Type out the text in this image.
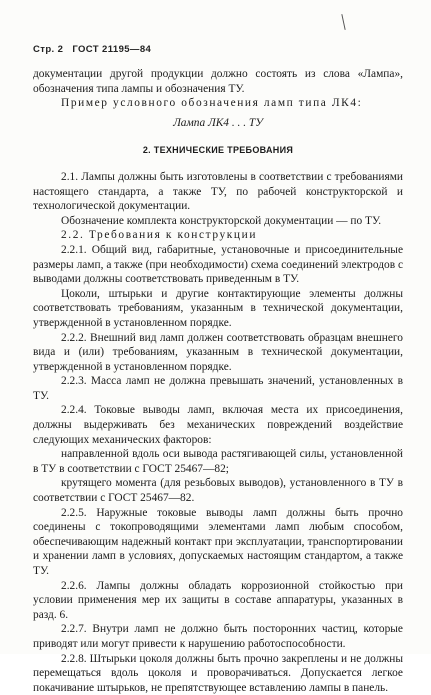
Стр. 2 ГОСТ 21195—84

документации другой продукции должно состоять из слова «Лампа», обозначения типа лампы и обозначения ТУ.

Пример условного обозначения ламп типа ЛК4:

Лампа ЛК4 . . . ТУ

2. ТЕХНИЧЕСКИЕ ТРЕБОВАНИЯ

2.1. Лампы должны быть изготовлены в соответствии с требованиями настоящего стандарта, а также ТУ, по рабочей конструкторской и технологической документации.

Обозначение комплекта конструкторской документации — по ТУ.

2.2. Требования к конструкции

2.2.1. Общий вид, габаритные, установочные и присоединительные размеры ламп, а также (при необходимости) схема соединений электродов с выводами должны соответствовать приведенным в ТУ.

Цоколи, штырьки и другие контактирующие элементы должны соответствовать требованиям, указанным в технической документации, утвержденной в установленном порядке.

2.2.2. Внешний вид ламп должен соответствовать образцам внешнего вида и (или) требованиям, указанным в технической документации, утвержденной в установленном порядке.

2.2.3. Масса ламп не должна превышать значений, установленных в ТУ.

2.2.4. Токовые выводы ламп, включая места их присоединения, должны выдерживать без механических повреждений воздействие следующих механических факторов:

направленной вдоль оси вывода растягивающей силы, установленной в ТУ в соответствии с ГОСТ 25467—82;

крутящего момента (для резьбовых выводов), установленного в ТУ в соответствии с ГОСТ 25467—82.

2.2.5. Наружные токовые выводы ламп должны быть прочно соединены с токопроводящими элементами ламп любым способом, обеспечивающим надежный контакт при эксплуатации, транспортировании и хранении ламп в условиях, допускаемых настоящим стандартом, а также ТУ.

2.2.6. Лампы должны обладать коррозионной стойкостью при условии применения мер их защиты в составе аппаратуры, указанных в разд. 6.

2.2.7. Внутри ламп не должно быть посторонних частиц, которые приводят или могут привести к нарушению работоспособности.

2.2.8. Штырьки цоколя должны быть прочно закреплены и не должны перемещаться вдоль цоколя и проворачиваться. Допускается легкое покачивание штырьков, не препятствующее вставлению лампы в панель.
